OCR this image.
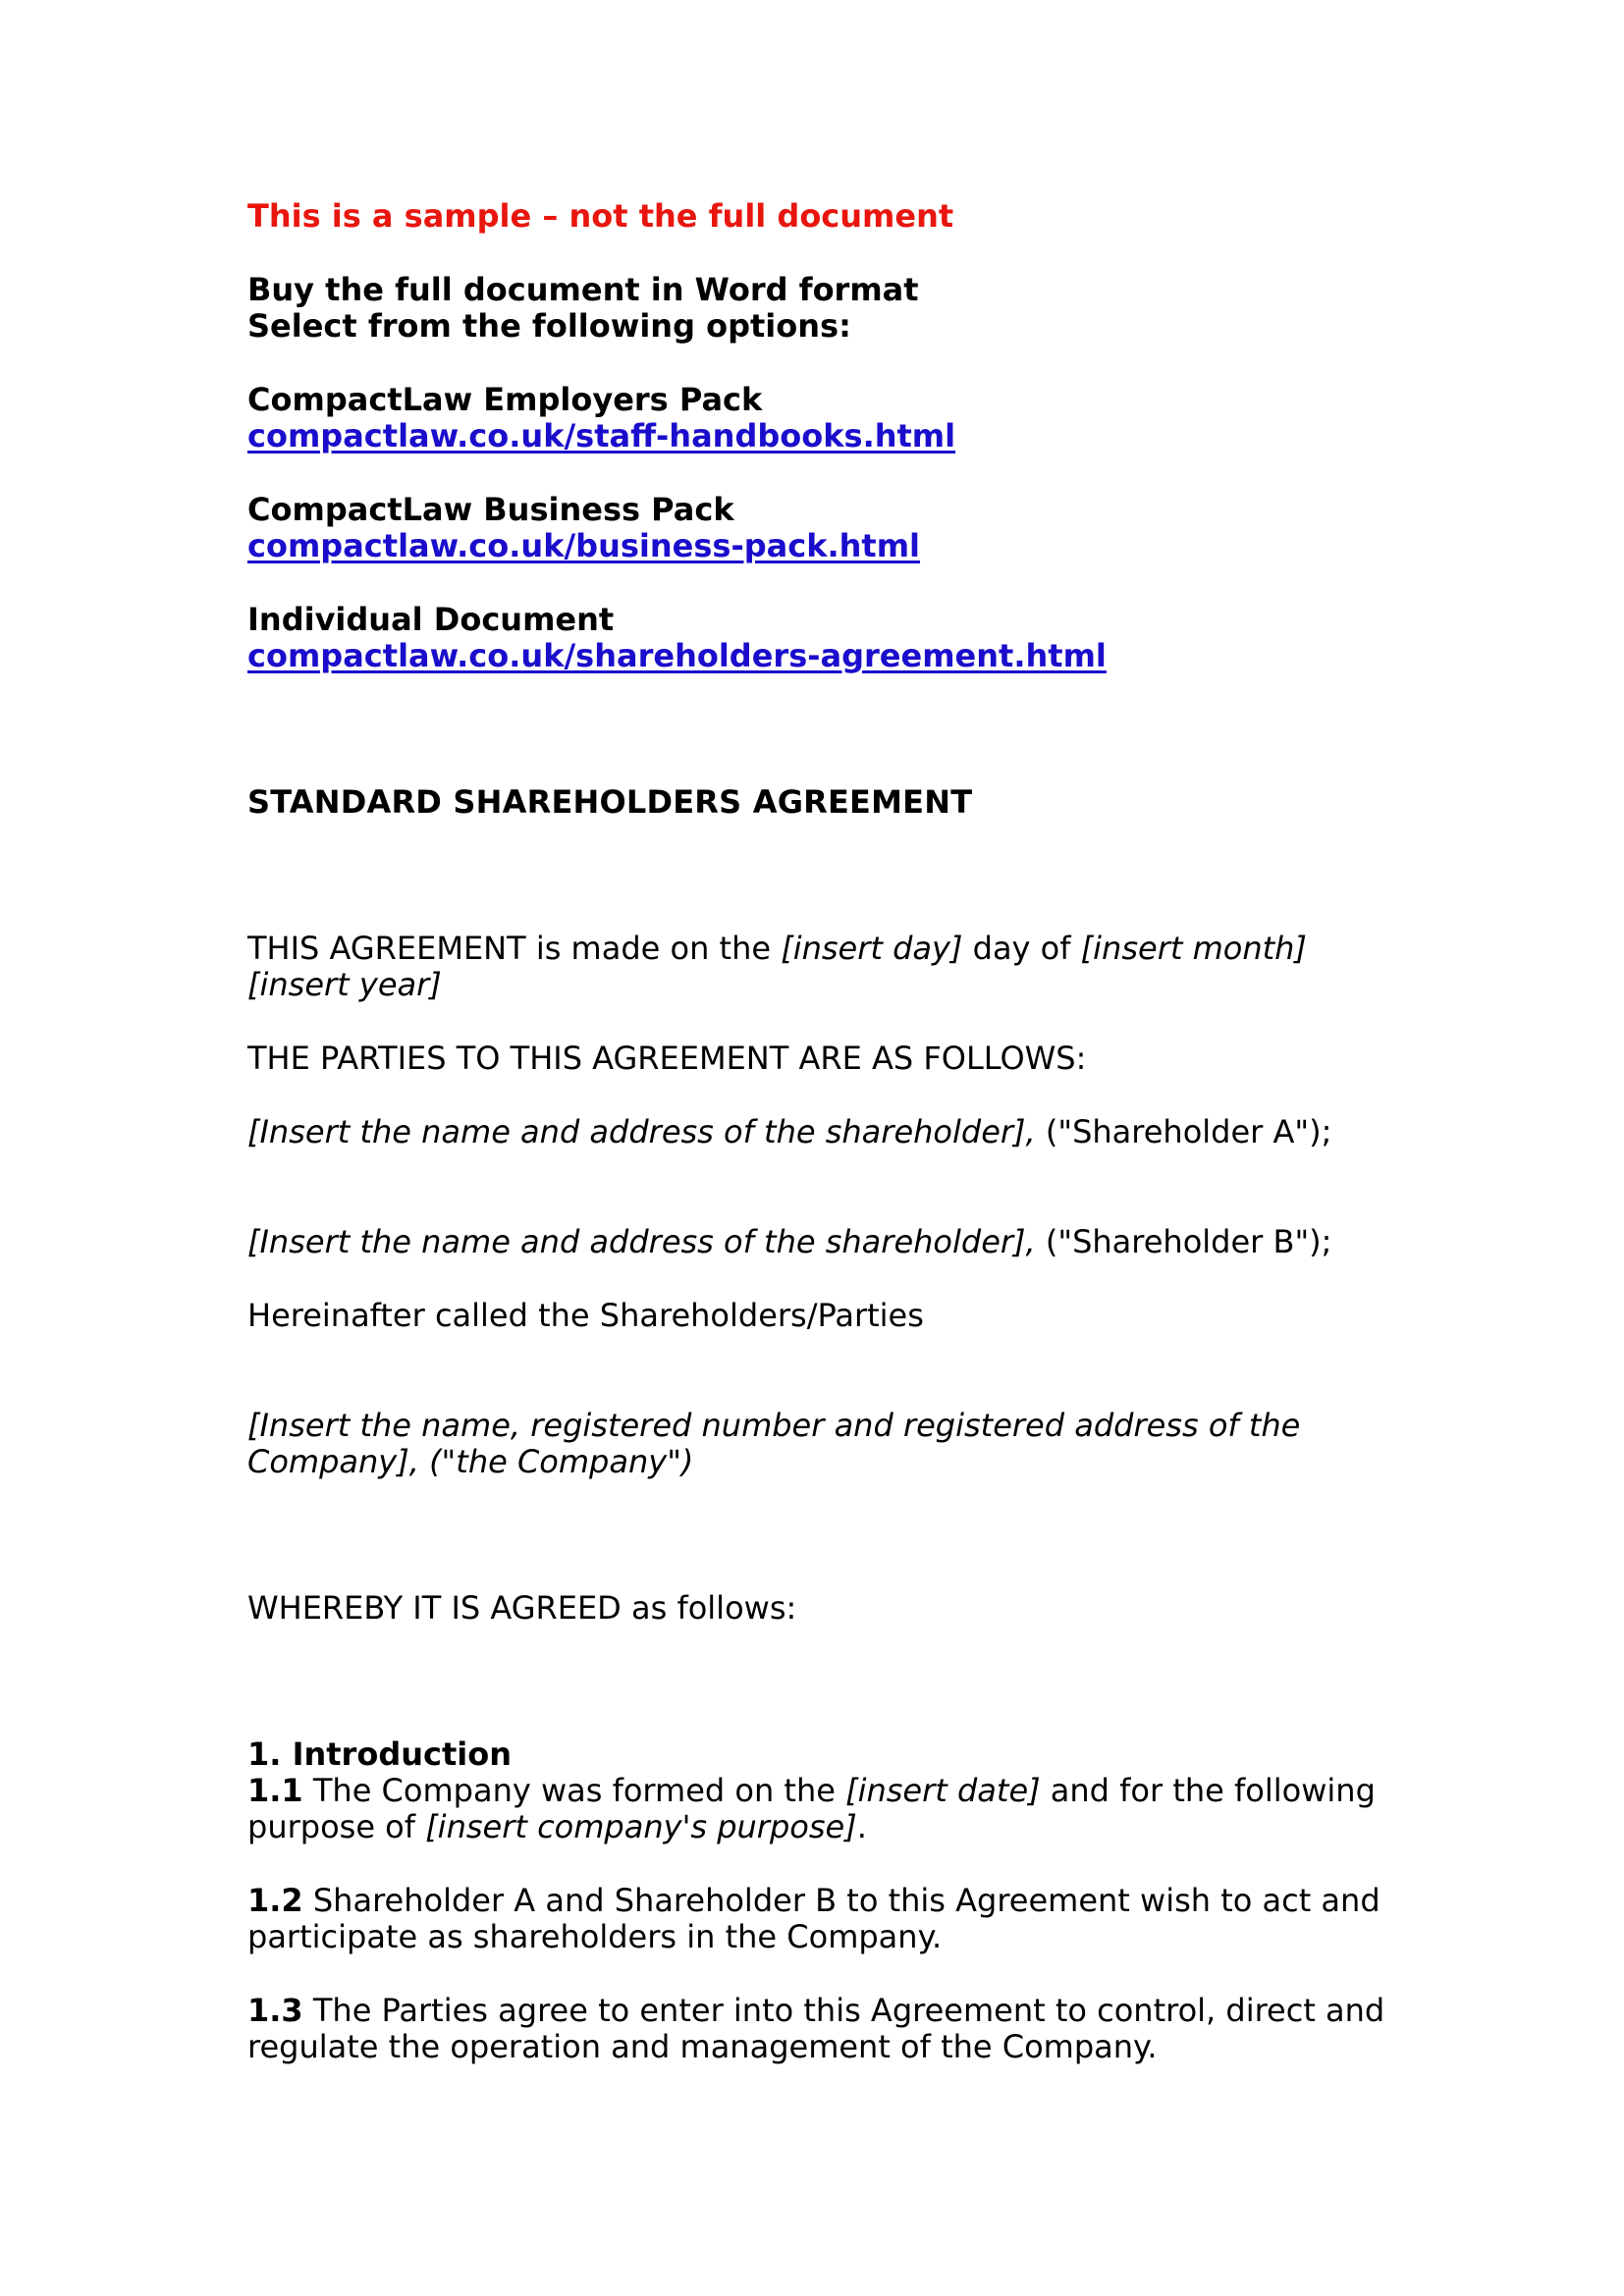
This is a sample – not the full document

Buy the full document in Word format

Select from the following options:

CompactLaw Employers Pack

compactlaw.co.uk/staff-handbooks.html

CompactLaw Business Pack

compactlaw.co.uk/business-pack.html

Individual Document

compactlaw.co.uk/shareholders-agreement.html

STANDARD SHAREHOLDERS AGREEMENT

THIS AGREEMENT is made on the [insert day] day of [insert month]

[insert year]

THE PARTIES TO THIS AGREEMENT ARE AS FOLLOWS:

[Insert the name and address of the shareholder], ("Shareholder A");

[Insert the name and address of the shareholder], ("Shareholder B");

Hereinafter called the Shareholders/Parties

[Insert the name, registered number and registered address of the

Company], ("the Company")

WHEREBY IT IS AGREED as follows:

1. Introduction

1.1 The Company was formed on the [insert date] and for the following

purpose of [insert company's purpose].

1.2 Shareholder A and Shareholder B to this Agreement wish to act and

participate as shareholders in the Company.

1.3 The Parties agree to enter into this Agreement to control, direct and

regulate the operation and management of the Company.
